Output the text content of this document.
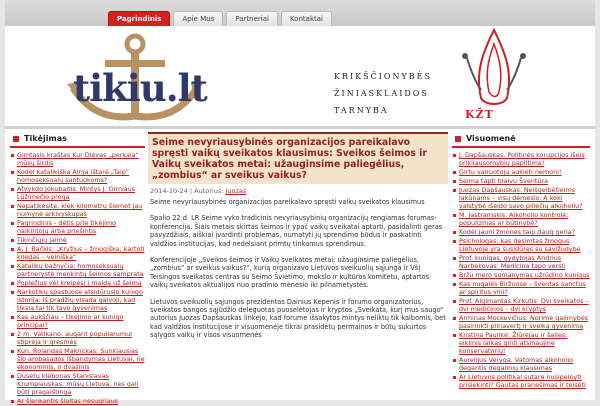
Pagrindinis	Apie Mus	Partneriai	Kontaktai
tikiu.lt	KRIKŠČIONYBĖS
ŽINIASKLAIDOS
TARNYBA	KŽT
Tikėjimas
Gimtasis kraštas Kur Dievas „perkala“ mūsų širdis
Kodėl katalikiška Airija ištarė „Taip“ homoseksualų santuokoms?
Atvykdo Jokubaitis. Mintys J. Girniaus Lūžimečio proga
Nepatikėsite, kiek kilometrų šiemet jau numynė arkivyskupas
Pagrindinis - dėtis prie tikėjimo naikintojų arba priešintis
Tikinčiųjų jaimė
A. J. Bačkis: „Kryžius – žmogiška, kartoti kliedas – velniška“
Katalikų bažnyčia: homoseksualų partnerystė menkintų šeimos samprata
Popiežius vėl kreipėsi į maldą už šeimą
Narkotikų spastuose atsidūrusio kunigo istorija: iš pradžių visada galvoji, kad tikslą tai tik tavo gyvenimas
Kas aukščiau – tikėjimo ar kunigo principai?
2 m. Vatikano: augant populiarumui stiprėja ir grėsmės
Kun. Rolandas Makrickas: Sunkiausias šio ambasados išbandymas Lietuvai, ne ekonominis, o dvasinis
Dusetų klebonas Stanislavas Krumplauskas: mūsų Lietuva, nes gali būti pragaištinga
Ar šlenkantis šlaitas nesugriaus
Seime nevyriausybinės organizacijos pareikalavo spręsti vaikų sveikatos klausimus: Sveikos šeimos ir Vaikų sveikatos metai: užauginsime paliegėlius, „zombius“ ar sveikus vaikus?
2014-10-24 | Autorius: Juozas

Seime nevyriausybinės organizacijos pareikalavo spręsti vaikų sveikatos klausimus

Spalio 22 d. LR Seime vyko tradicinis nevyriausybinių organizacijų rengiamas forumas-konferencija. Šiais metais skirtas šeimos ir ypač vaikų sveikatai aptarti, pasidalinti geras pavyzdžiais, aiškiai įvardinti problemas, numatyti jų sprendimo būdus ir paskatinti valdžios institucijas, kad nedelsiant primtų tinkamus sprendimus.

Konferencijoje „Sveikos šeimos ir Vaikų sveikatos metai: užauginsime paliegėlius, „zombius“ ar sveikus vaikus?“, kurią organizavo Lietuvos sveikuolių sąjunga ir VšĮ Teisingos sveikatos centras su Seimo Švietimo, mokslo ir kultūros komitetu, aptartos vaikų sveikatos aktualijos nuo pradinio mėnesio iki pilnametystės.

Lietuvos sveikuolių sąjungos prezidentas Dainius Kepenis ir forumo organizatorius, sveikatos bangos sąjūdžio deleguotas puoselėtojas ir kryptos „Sveikata, kurį mus saugo“ autorius Juozas Dapšauskas linkėjo, kad forume išsakytos mintys neliktų tik kalbomis, bet kad valdžios institucijose ir visuomenėje tikrai prasidėtų permainos ir būtų sukurtos sąlygos vaikų ir visos visuomenės

Visuomenė
J. Dapšauskas. Politinės korupcijos išeis prikliausomybių papiltima!
Girtu vairuotojų auklėti nemoni!
Seima tapti blaivu Šventūra
Juozas Dapšauskas. Neišgelbėtieims lakūnams – visų dėmesio. Ą koki valstybė išeido savo piliečių alkoholiu?
M. Jastramskis. Alkoholio kontrolė: populizmas ar būtinybė?
Kodėl jauni žmonės taip daug geria?
Psichologas: kas desimtas žmogus Lietuvoje yra susidūręs su savižudybe
Prof. kunigas, gydytojas Andrius Narbekovas: Medicina tapo versli
Bržu mero sumanymas užrūdino kunigus
Kas nugalės Biržuose – šventas sanctus ar spiritus vini?
Prof. Algimantas Kirkutis: Dvi sveikatos – dvi medicinos – dvi kryptys
Arminas Mockevičius: Norime galimybės pasirinkti pilnavertį ir sveiką gyvenimą
Kristina Paulikė: Žiūrėjau ir šalies: eiklinis laikas ginti atsinaujine konservatorių!
Aurelijus Veryga. Vatomas alkoholio degantis degalinių klausimas
Ar Lietuvos politikai sutarę nusipelnyti prisiekinti? Gautas pranešimas ir teisėti
